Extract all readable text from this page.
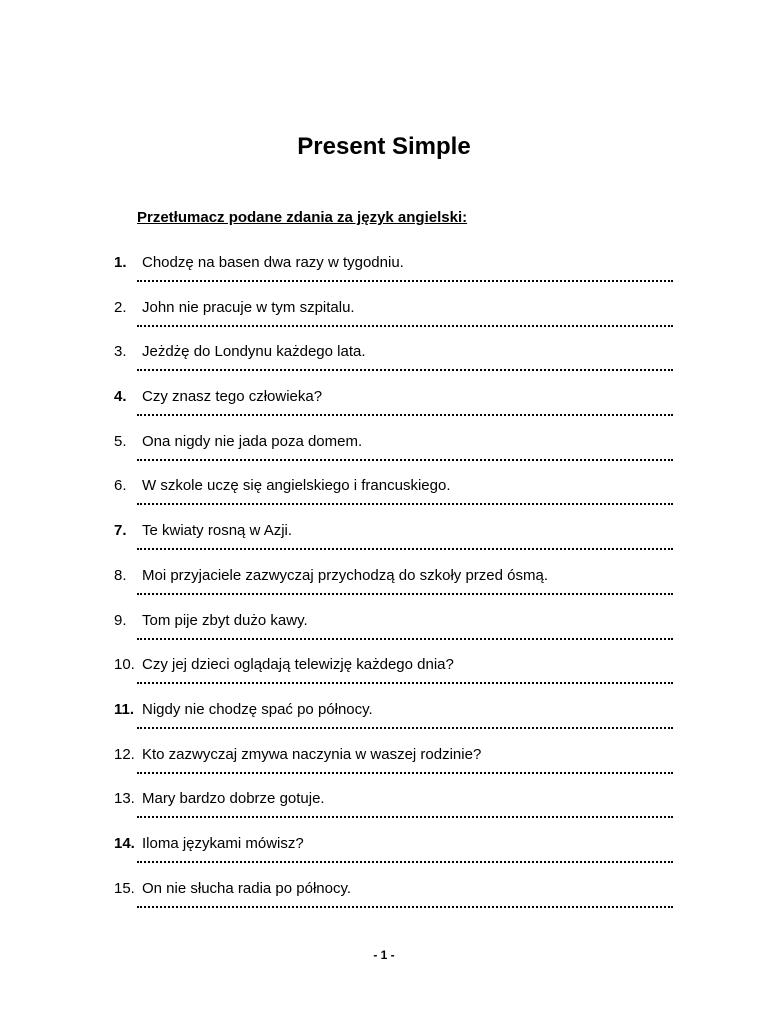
Present Simple
Przetłumacz podane zdania za język angielski:
1. Chodzę na basen dwa razy w tygodniu.
2. John nie pracuje w tym szpitalu.
3. Jeżdżę do Londynu każdego lata.
4. Czy znasz tego człowieka?
5. Ona nigdy nie jada poza domem.
6. W szkole uczę się angielskiego i francuskiego.
7. Te kwiaty rosną w Azji.
8. Moi przyjaciele zazwyczaj przychodzą do szkoły przed ósmą.
9. Tom pije zbyt dużo kawy.
10. Czy jej dzieci oglądają telewizję każdego dnia?
11. Nigdy nie chodzę spać po północy.
12. Kto zazwyczaj zmywa naczynia w waszej rodzinie?
13. Mary bardzo dobrze gotuje.
14. Iloma językami mówisz?
15. On nie słucha radia po północy.
- 1 -
